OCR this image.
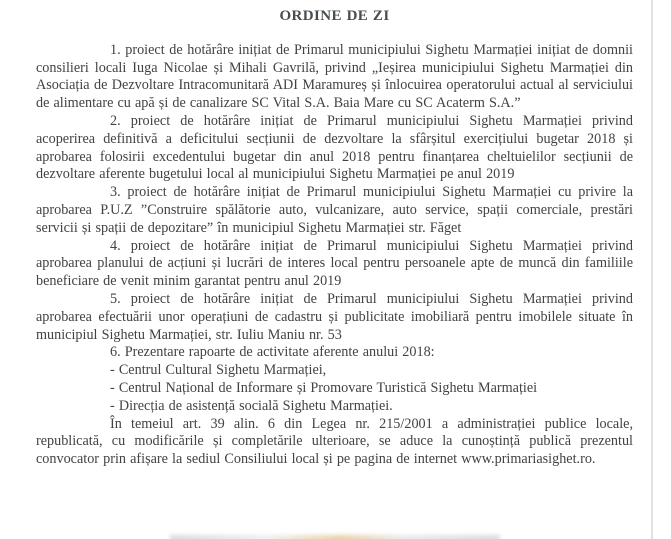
ORDINE DE ZI

1. proiect de hotărâre inițiat de Primarul municipiului Sighetu Marmației inițiat de domnii consilieri locali Iuga Nicolae și Mihali Gavrilă, privind „Ieșirea municipiului Sighetu Marmației din Asociația de Dezvoltare Intracomunitară ADI Maramureș și înlocuirea operatorului actual al serviciului de alimentare cu apă și de canalizare SC Vital S.A. Baia Mare cu SC Acaterm S.A.”

2. proiect de hotărâre inițiat de Primarul municipiului Sighetu Marmației privind acoperirea definitivă a deficitului secțiunii de dezvoltare la sfârșitul exercițiului bugetar 2018 și aprobarea folosirii excedentului bugetar din anul 2018 pentru finanțarea cheltuielilor secțiunii de dezvoltare aferente bugetului local al municipiului Sighetu Marmației pe anul 2019

3. proiect de hotărâre inițiat de Primarul municipiului Sighetu Marmației cu privire la aprobarea P.U.Z ”Construire spălătorie auto, vulcanizare, auto service, spații comerciale, prestări servicii și spații de depozitare” în municipiul Sighetu Marmației str. Făget

4. proiect de hotărâre inițiat de Primarul municipiului Sighetu Marmației privind aprobarea planului de acțiuni și lucrări de interes local pentru persoanele apte de muncă din familiile beneficiare de venit minim garantat pentru anul 2019

5. proiect de hotărâre inițiat de Primarul municipiului Sighetu Marmației privind aprobarea efectuării unor operațiuni de cadastru și publicitate imobiliară pentru imobilele situate în municipiul Sighetu Marmației, str. Iuliu Maniu nr. 53

6. Prezentare rapoarte de activitate aferente anului 2018:

- Centrul Cultural Sighetu Marmației,

- Centrul Național de Informare și Promovare Turistică Sighetu Marmației

- Direcția de asistență socială Sighetu Marmației.

În temeiul art. 39 alin. 6 din Legea nr. 215/2001 a administrației publice locale, republicată, cu modificările și completările ulterioare, se aduce la cunoștință publică prezentul convocator prin afișare la sediul Consiliului local și pe pagina de internet www.primariasighet.ro.
